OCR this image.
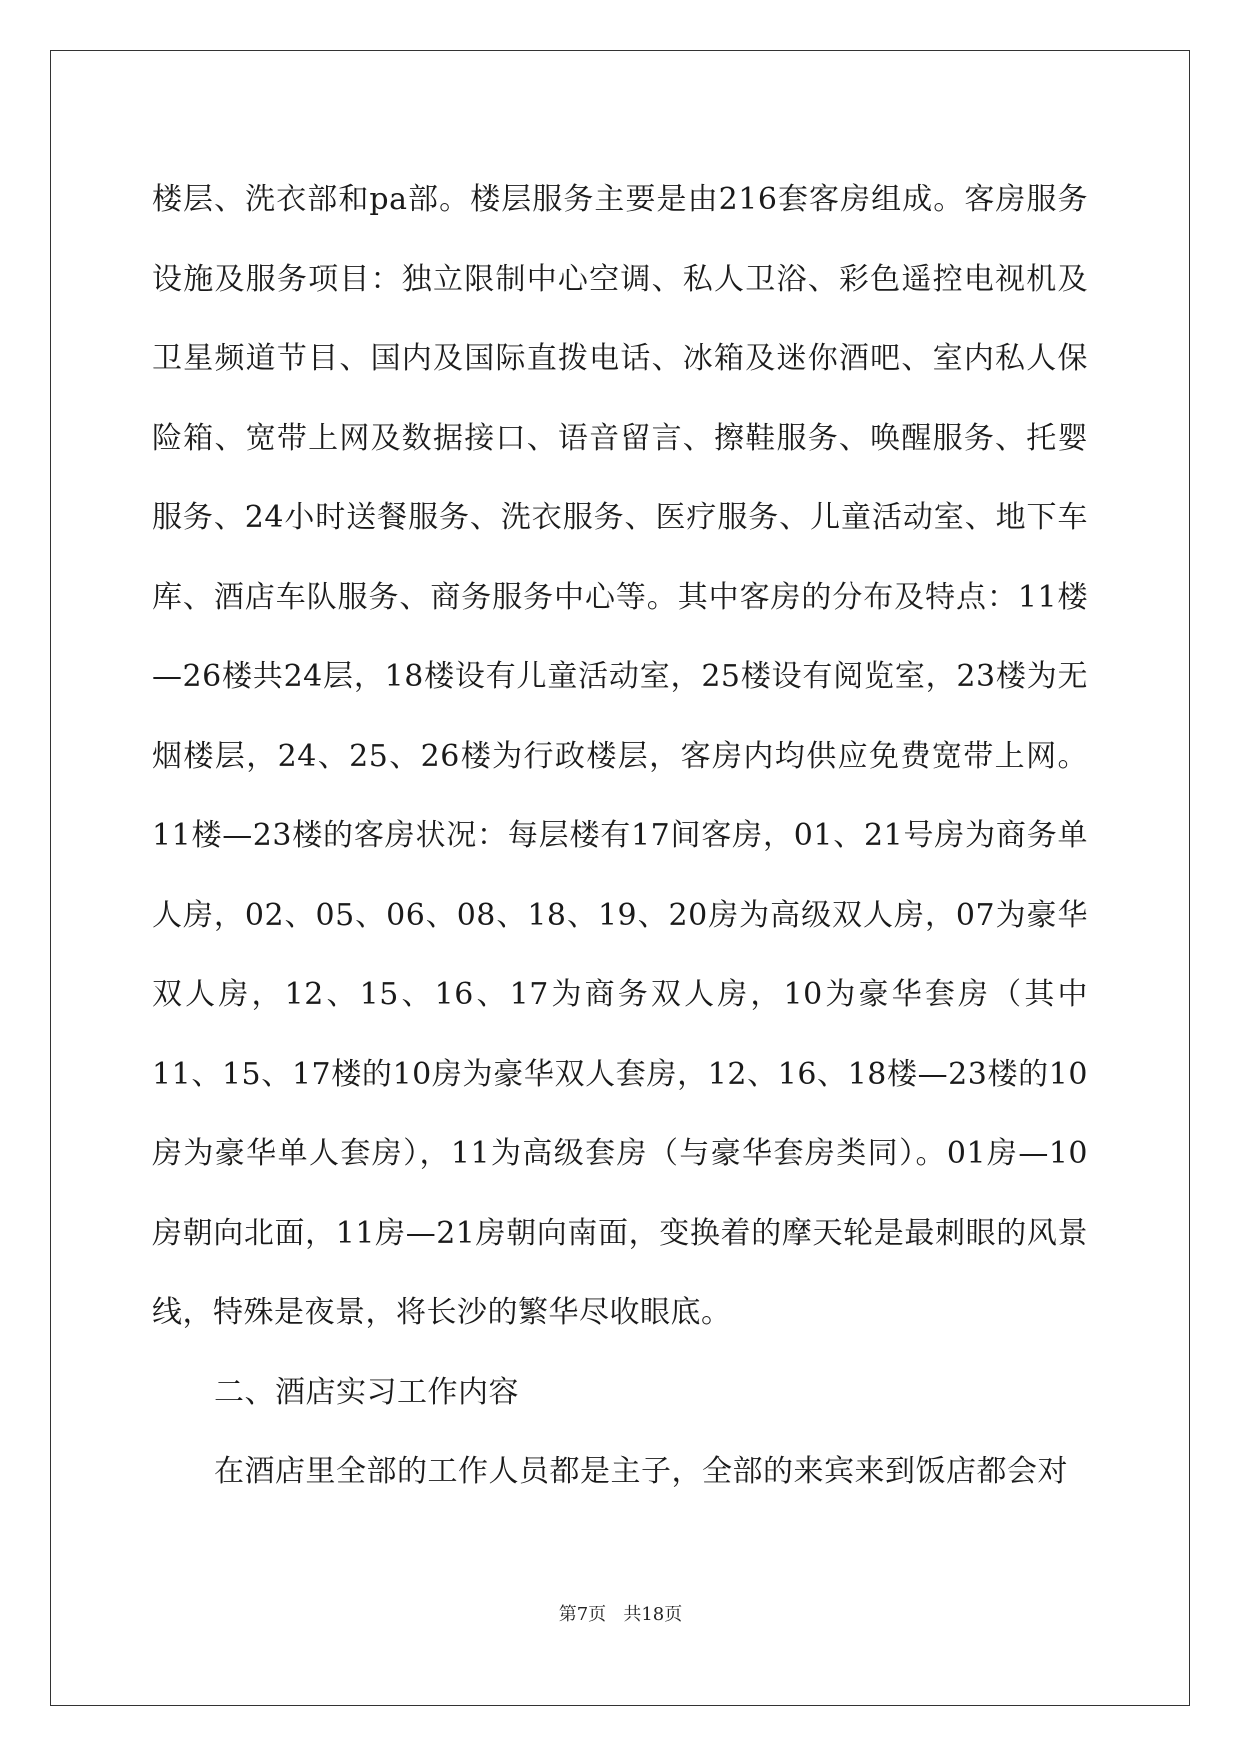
楼层、洗衣部和pa部。楼层服务主要是由216套客房组成。客房服务设施及服务项目：独立限制中心空调、私人卫浴、彩色遥控电视机及卫星频道节目、国内及国际直拨电话、冰箱及迷你酒吧、室内私人保险箱、宽带上网及数据接口、语音留言、擦鞋服务、唤醒服务、托婴服务、24小时送餐服务、洗衣服务、医疗服务、儿童活动室、地下车库、酒店车队服务、商务服务中心等。其中客房的分布及特点：11楼—26楼共24层，18楼设有儿童活动室，25楼设有阅览室，23楼为无烟楼层，24、25、26楼为行政楼层，客房内均供应免费宽带上网。11楼—23楼的客房状况：每层楼有17间客房，01、21号房为商务单人房，02、05、06、08、18、19、20房为高级双人房，07为豪华双人房，12、15、16、17为商务双人房，10为豪华套房（其中11、15、17楼的10房为豪华双人套房，12、16、18楼—23楼的10房为豪华单人套房），11为高级套房（与豪华套房类同）。01房—10房朝向北面，11房—21房朝向南面，变换着的摩天轮是最刺眼的风景线，特殊是夜景，将长沙的繁华尽收眼底。

二、酒店实习工作内容

在酒店里全部的工作人员都是主子，全部的来宾来到饭店都会对

第7页 共18页
